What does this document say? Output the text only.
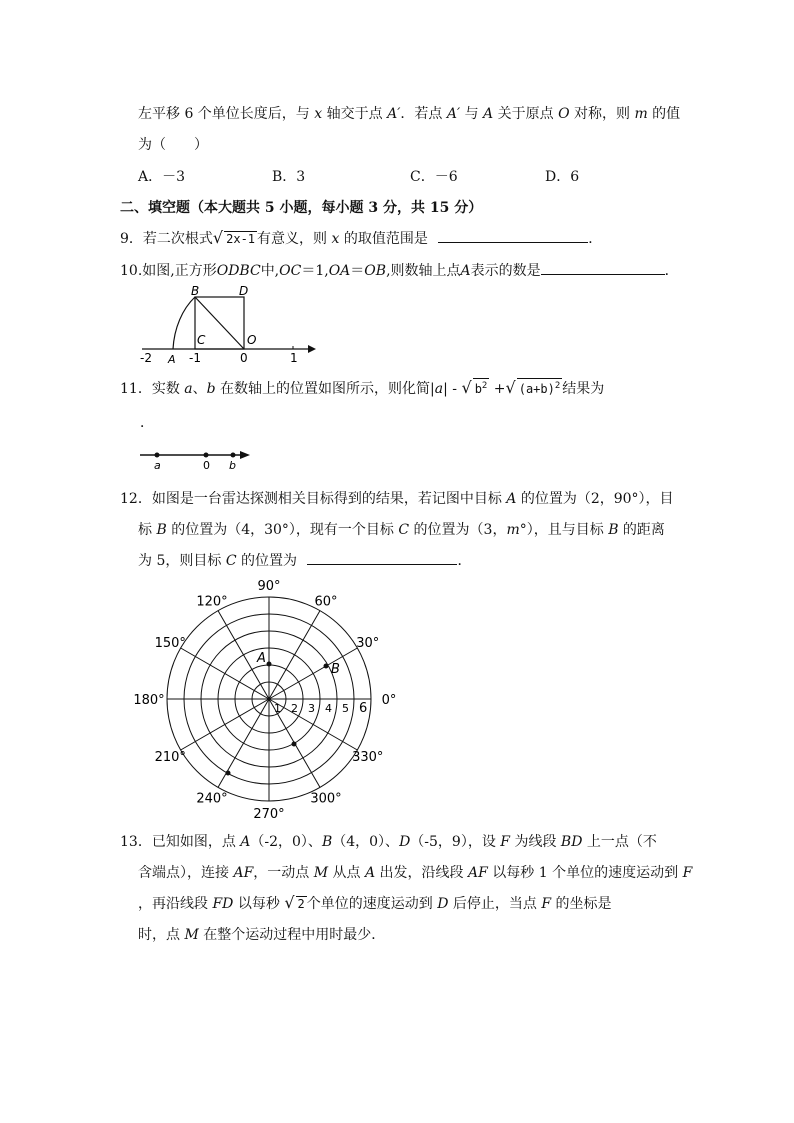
左平移 6 个单位长度后，与 x 轴交于点 A′．若点 A′ 与 A 关于原点 O 对称，则 m 的值
为（　　）
A．－3	B．3	C．－6	D．6
二、填空题（本大题共 5 小题，每小题 3 分，共 15 分）
9．若二次根式√ 2x-1 有意义，则 x 的取值范围是	．
10.如图,正方形ODBC中,OC＝1,OA＝OB,则数轴上点A表示的数是	．
B	D
C	O
-2 A -1	0	1
11．实数 a、b 在数轴上的位置如图所示，则化简|a| - √ $b^2$ +√ $(a+b)^2$ 结果为
．
a	0 b
12．如图是一台雷达探测相关目标得到的结果，若记图中目标 A 的位置为（2，90°），目
标 B 的位置为（4，30°），现有一个目标 C 的位置为（3，m°），且与目标 B 的距离
为 5，则目标 C 的位置为	．
90°
60°
30°
0°
330°
300°
270°
240°
210°
180°
150°
120°
1 2 3 4 5 6
A
B
13．已知如图，点 A（-2，0）、B（4，0）、D（-5，9），设 F 为线段 BD 上一点（不
含端点），连接 AF，一动点 M 从点 A 出发，沿线段 AF 以每秒 1 个单位的速度运动到 F
，再沿线段 FD 以每秒 √ 2 个单位的速度运动到 D 后停止，当点 F 的坐标是
时，点 M 在整个运动过程中用时最少．
